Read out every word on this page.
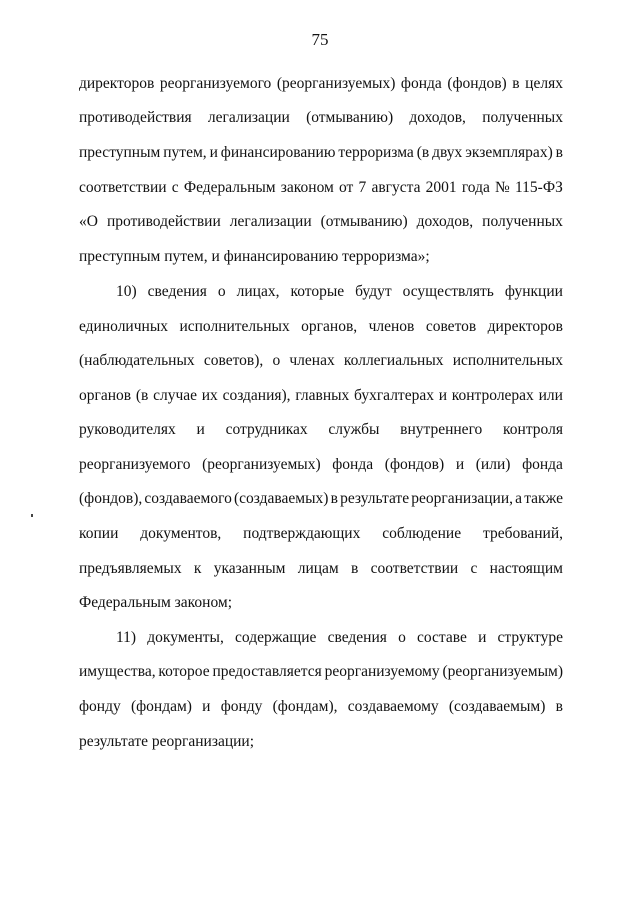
75
директоров реорганизуемого (реорганизуемых) фонда (фондов) в целях
противодействия легализации (отмыванию) доходов, полученных
преступным путем, и финансированию терроризма (в двух экземплярах) в
соответствии с Федеральным законом от 7 августа 2001 года № 115-ФЗ
«О противодействии легализации (отмыванию) доходов, полученных
преступным путем, и финансированию терроризма»;
10) сведения о лицах, которые будут осуществлять функции
единоличных исполнительных органов, членов советов директоров
(наблюдательных советов), о членах коллегиальных исполнительных
органов (в случае их создания), главных бухгалтерах и контролерах или
руководителях и сотрудниках службы внутреннего контроля
реорганизуемого (реорганизуемых) фонда (фондов) и (или) фонда
(фондов), создаваемого (создаваемых) в результате реорганизации, а также
копии документов, подтверждающих соблюдение требований,
предъявляемых к указанным лицам в соответствии с настоящим
Федеральным законом;
11) документы, содержащие сведения о составе и структуре
имущества, которое предоставляется реорганизуемому (реорганизуемым)
фонду (фондам) и фонду (фондам), создаваемому (создаваемым) в
результате реорганизации;
